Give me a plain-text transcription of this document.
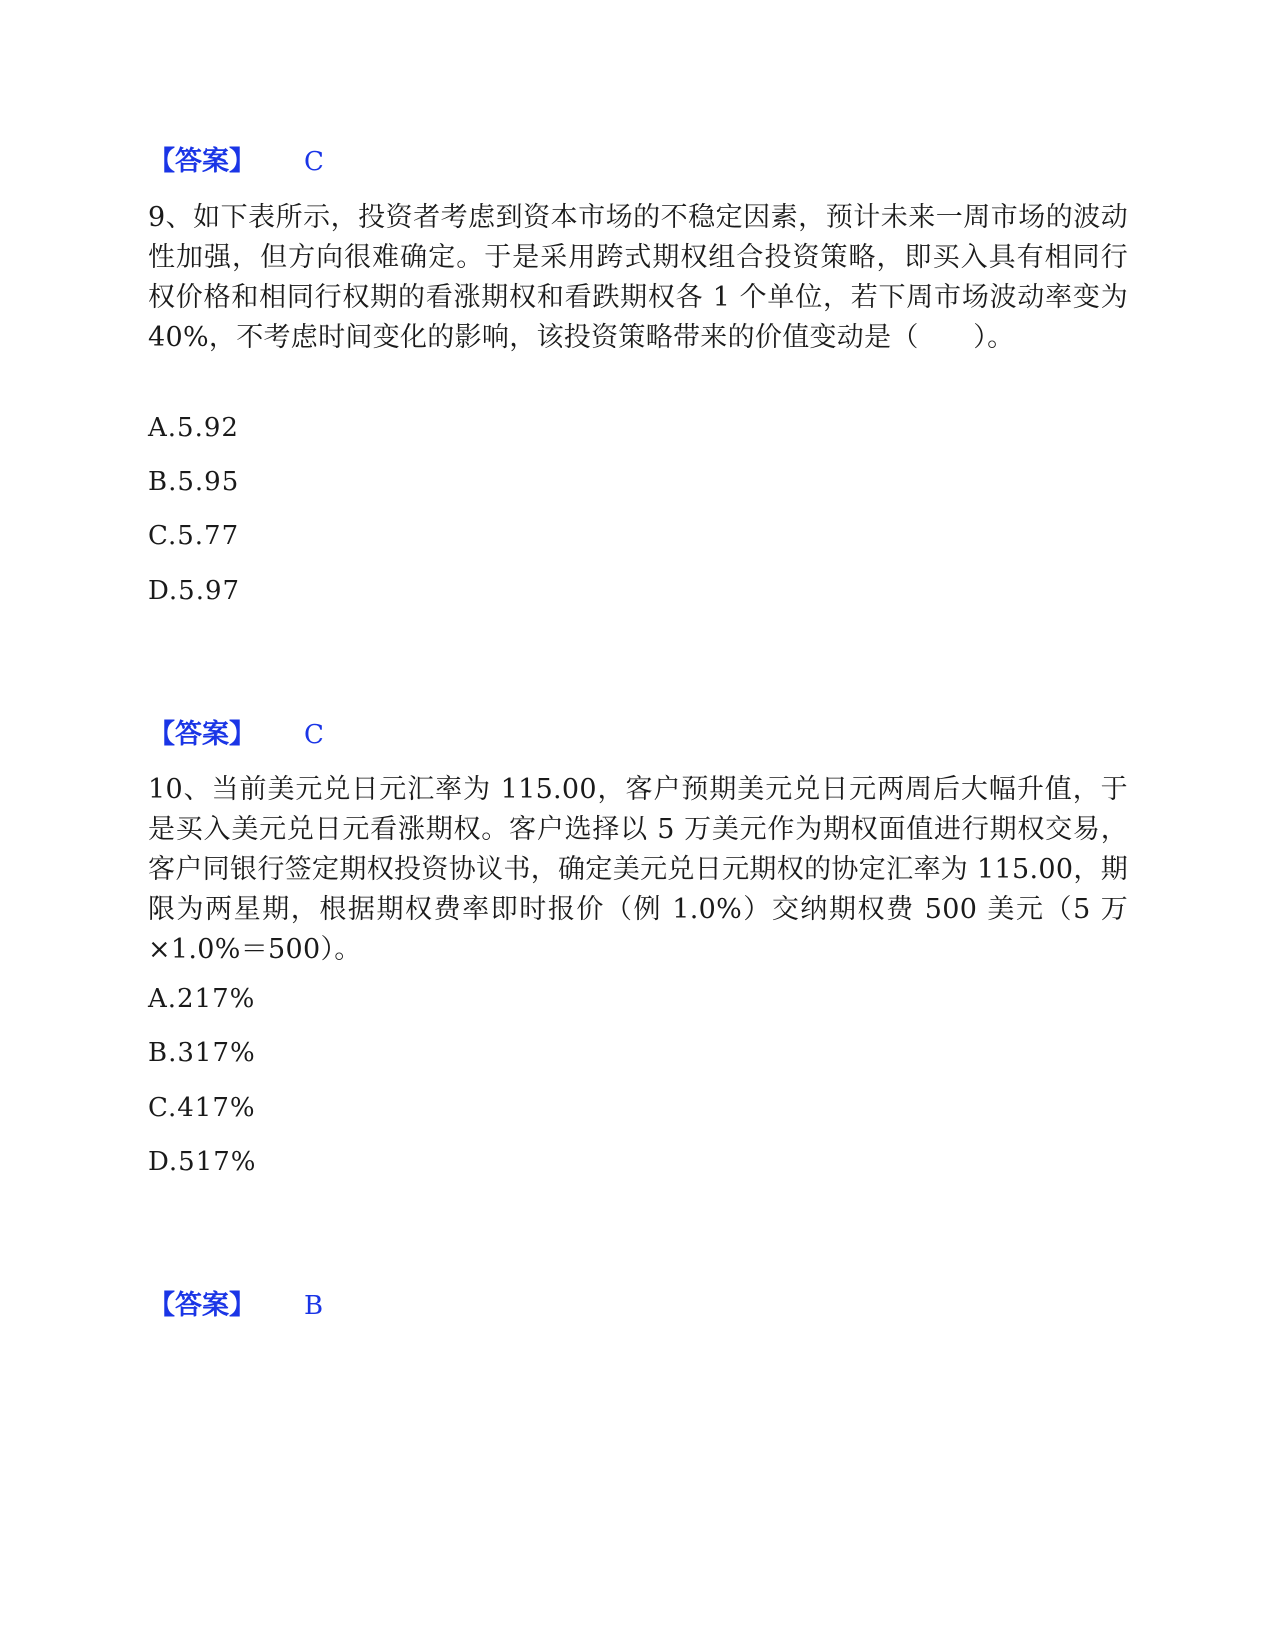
【答案】 C
9、如下表所示，投资者考虑到资本市场的不稳定因素，预计未来一周市场的波动性加强，但方向很难确定。于是采用跨式期权组合投资策略，即买入具有相同行权价格和相同行权期的看涨期权和看跌期权各 1 个单位，若下周市场波动率变为 40%，不考虑时间变化的影响，该投资策略带来的价值变动是（　　）。
A.5.92
B.5.95
C.5.77
D.5.97
【答案】 C
10、当前美元兑日元汇率为 115.00，客户预期美元兑日元两周后大幅升值，于是买入美元兑日元看涨期权。客户选择以 5 万美元作为期权面值进行期权交易，客户同银行签定期权投资协议书，确定美元兑日元期权的协定汇率为 115.00，期限为两星期，根据期权费率即时报价（例 1.0%）交纳期权费 500 美元（5 万×1.0%＝500）。
A.217%
B.317%
C.417%
D.517%
【答案】 B
